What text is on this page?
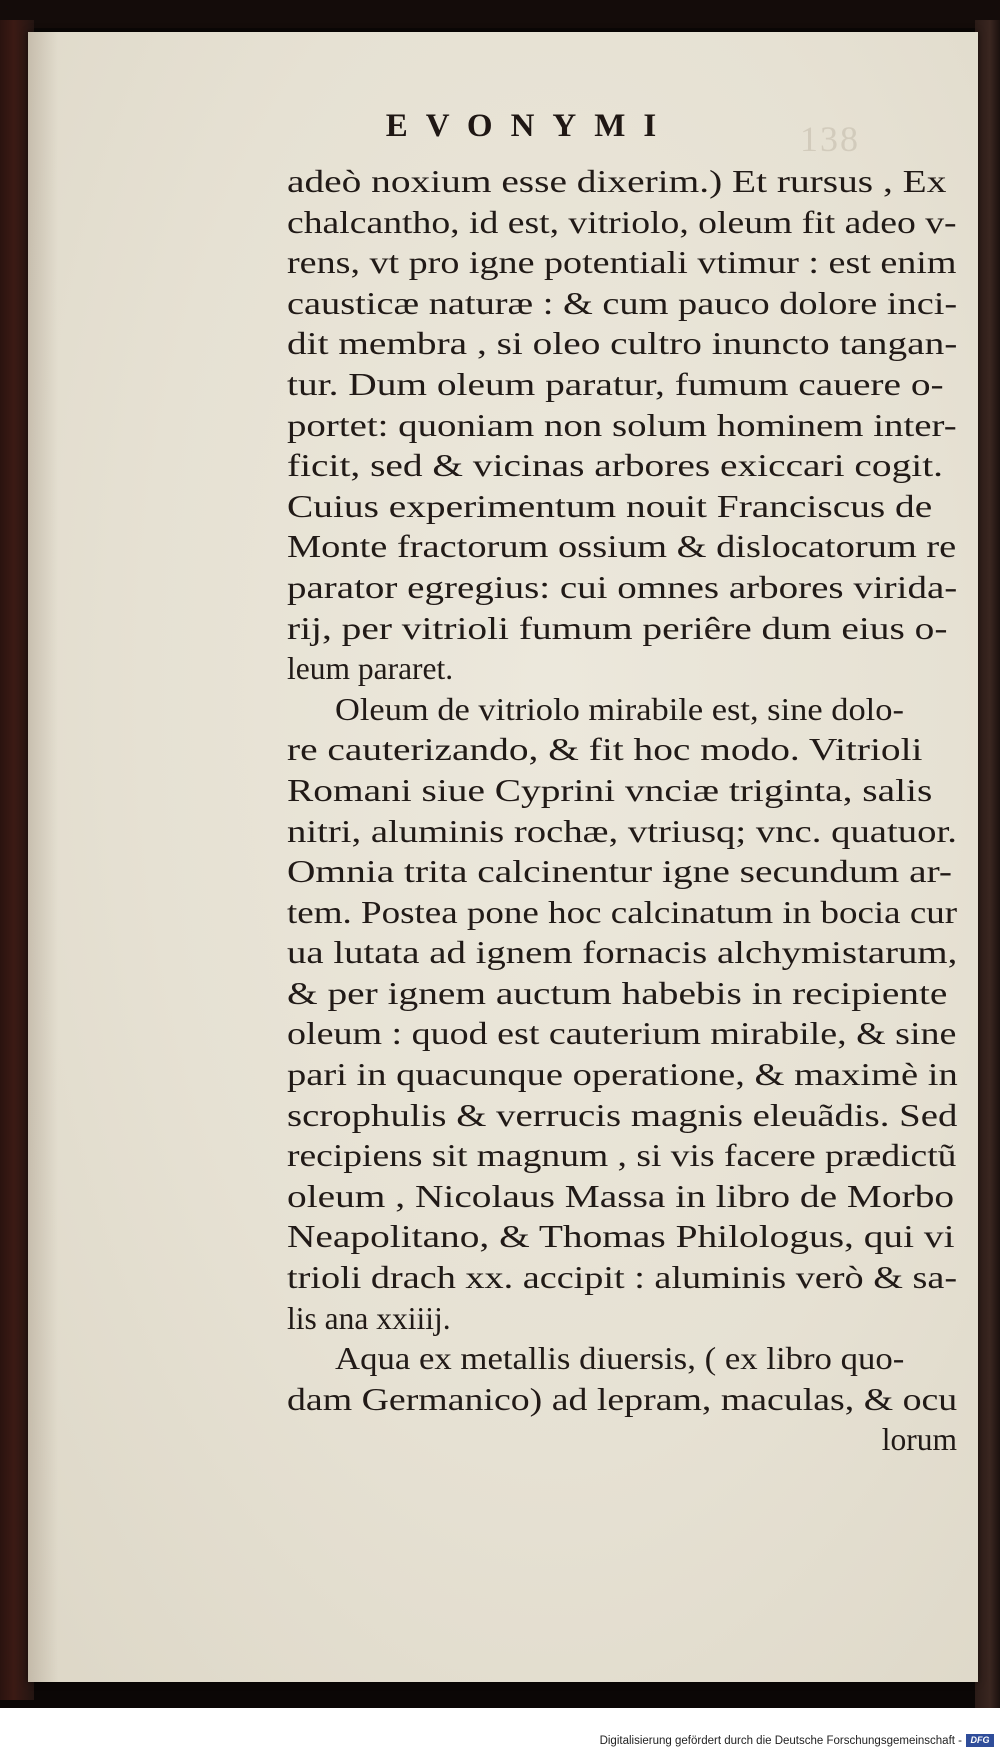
138
EVONYMI
adeò noxium esse dixerim.) Et rursus , Ex
chalcantho, id est, vitriolo, oleum fit adeo v-
rens, vt pro igne potentiali vtimur : est enim
causticæ naturæ : & cum pauco dolore inci-
dit membra , si oleo cultro inuncto tangan-
tur. Dum oleum paratur, fumum cauere o-
portet: quoniam non solum hominem inter-
ficit, sed & vicinas arbores exiccari cogit.
Cuius experimentum nouit Franciscus de
Monte fractorum ossium & dislocatorum re
parator egregius: cui omnes arbores virida-
rij, per vitrioli fumum periêre dum eius o-
leum pararet.
Oleum de vitriolo mirabile est, sine dolo-
re cauterizando, & fit hoc modo. Vitrioli
Romani siue Cyprini vnciæ triginta, salis
nitri, aluminis rochæ, vtriusq; vnc. quatuor.
Omnia trita calcinentur igne secundum ar-
tem. Postea pone hoc calcinatum in bocia cur
ua lutata ad ignem fornacis alchymistarum,
& per ignem auctum habebis in recipiente
oleum : quod est cauterium mirabile, & sine
pari in quacunque operatione, & maximè in
scrophulis & verrucis magnis eleuãdis. Sed
recipiens sit magnum , si vis facere prædictũ
oleum , Nicolaus Massa in libro de Morbo
Neapolitano, & Thomas Philologus, qui vi
trioli drach xx. accipit : aluminis verò & sa-
lis ana xxiiij.
Aqua ex metallis diuersis, ( ex libro quo-
dam Germanico) ad lepram, maculas, & ocu
lorum
Digitalisierung gefördert durch die Deutsche Forschungsgemeinschaft - DFG
